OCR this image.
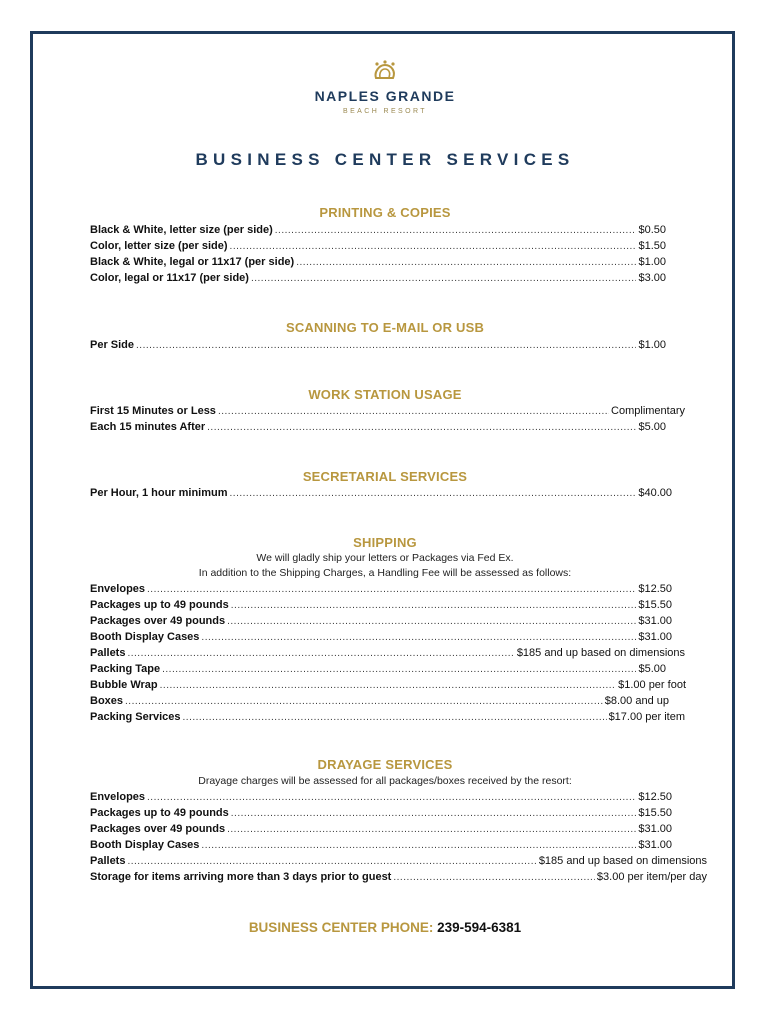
NAPLES GRANDE
BEACH RESORT
BUSINESS CENTER SERVICES
PRINTING & COPIES
Black & White, letter size (per side) .....	$0.50
Color, letter size (per side) .....	$1.50
Black & White, legal or 11x17 (per side) .....	$1.00
Color, legal or 11x17 (per side) .....	$3.00
SCANNING TO E-MAIL OR USB
Per Side .....	$1.00
WORK STATION USAGE
First 15 Minutes or Less .....	Complimentary
Each 15 minutes After .....	$5.00
SECRETARIAL SERVICES
Per Hour, 1 hour minimum .....	$40.00
SHIPPING
We will gladly ship your letters or Packages via Fed Ex.
In addition to the Shipping Charges, a Handling Fee will be assessed as follows:
Envelopes .....	$12.50
Packages up to 49 pounds .....	$15.50
Packages over 49 pounds .....	$31.00
Booth Display Cases .....	$31.00
Pallets .....	$185 and up based on dimensions
Packing Tape .....	$5.00
Bubble Wrap .....	$1.00 per foot
Boxes .....	$8.00 and up
Packing Services .....	$17.00 per item
DRAYAGE SERVICES
Drayage charges will be assessed for all packages/boxes received by the resort:
Envelopes .....	$12.50
Packages up to 49 pounds .....	$15.50
Packages over 49 pounds .....	$31.00
Booth Display Cases .....	$31.00
Pallets .....	$185 and up based on dimensions
Storage for items arriving more than 3 days prior to guest .....	$3.00 per item/per day
BUSINESS CENTER PHONE: 239-594-6381
